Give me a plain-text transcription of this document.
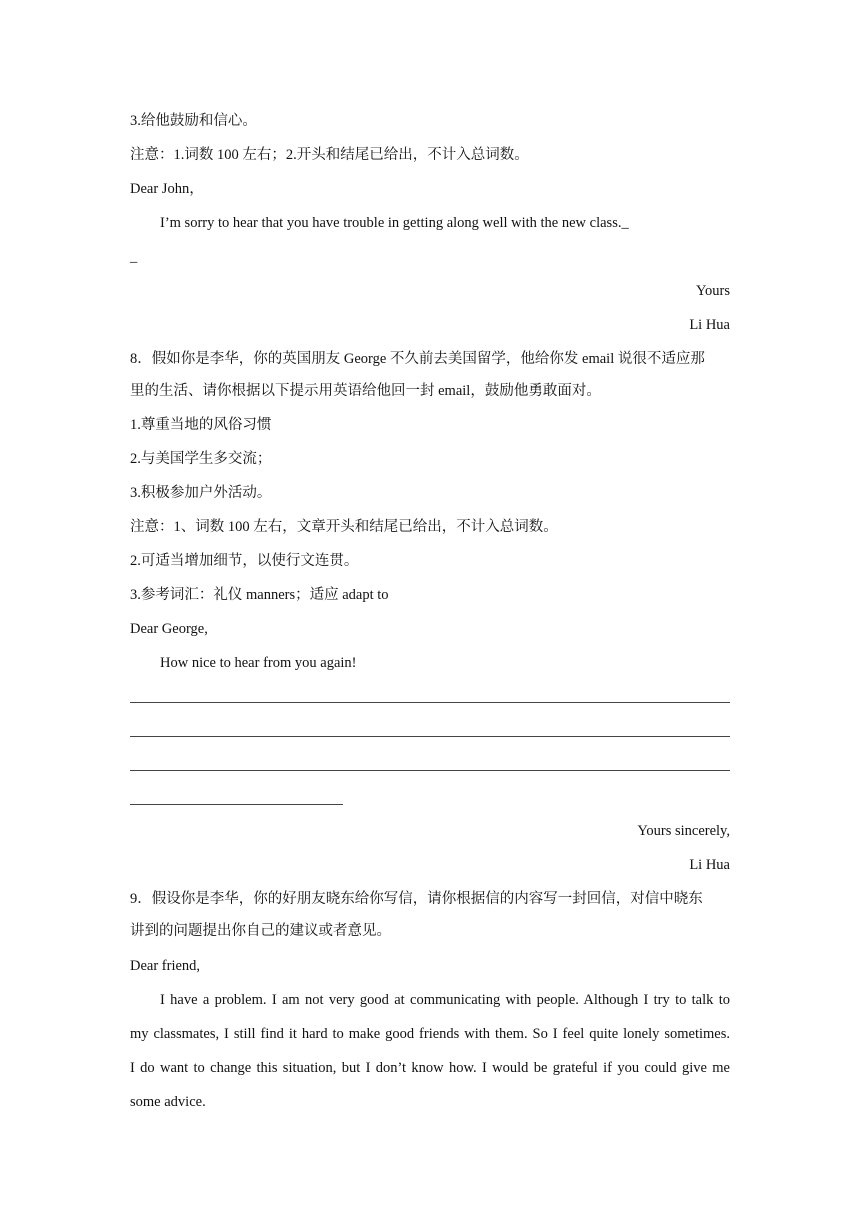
3.给他鼓励和信心。
注意：1.词数 100 左右；2.开头和结尾已给出，不计入总词数。
Dear John，
I’m sorry to hear that you have trouble in getting along well with the new class._
_
Yours
Li Hua
8．假如你是李华，你的英国朋友 George 不久前去美国留学，他给你发 email 说很不适应那
里的生活、请你根据以下提示用英语给他回一封 email，鼓励他勇敢面对。
1.尊重当地的风俗习惯
2.与美国学生多交流；
3.积极参加户外活动。
注意：1、词数 100 左右，文章开头和结尾已给出，不计入总词数。
2.可适当增加细节，以使行文连贯。
3.参考词汇：礼仪 manners；适应 adapt to
Dear George,
How nice to hear from you again!
Yours sincerely,
Li Hua
9．假设你是李华，你的好朋友晓东给你写信，请你根据信的内容写一封回信，对信中晓东
讲到的问题提出你自己的建议或者意见。
Dear friend,
I have a problem. I am not very good at communicating with people. Although I try to talk to
my classmates, I still find it hard to make good friends with them. So I feel quite lonely sometimes.
I do want to change this situation, but I don’t know how. I would be grateful if you could give me
some advice.
